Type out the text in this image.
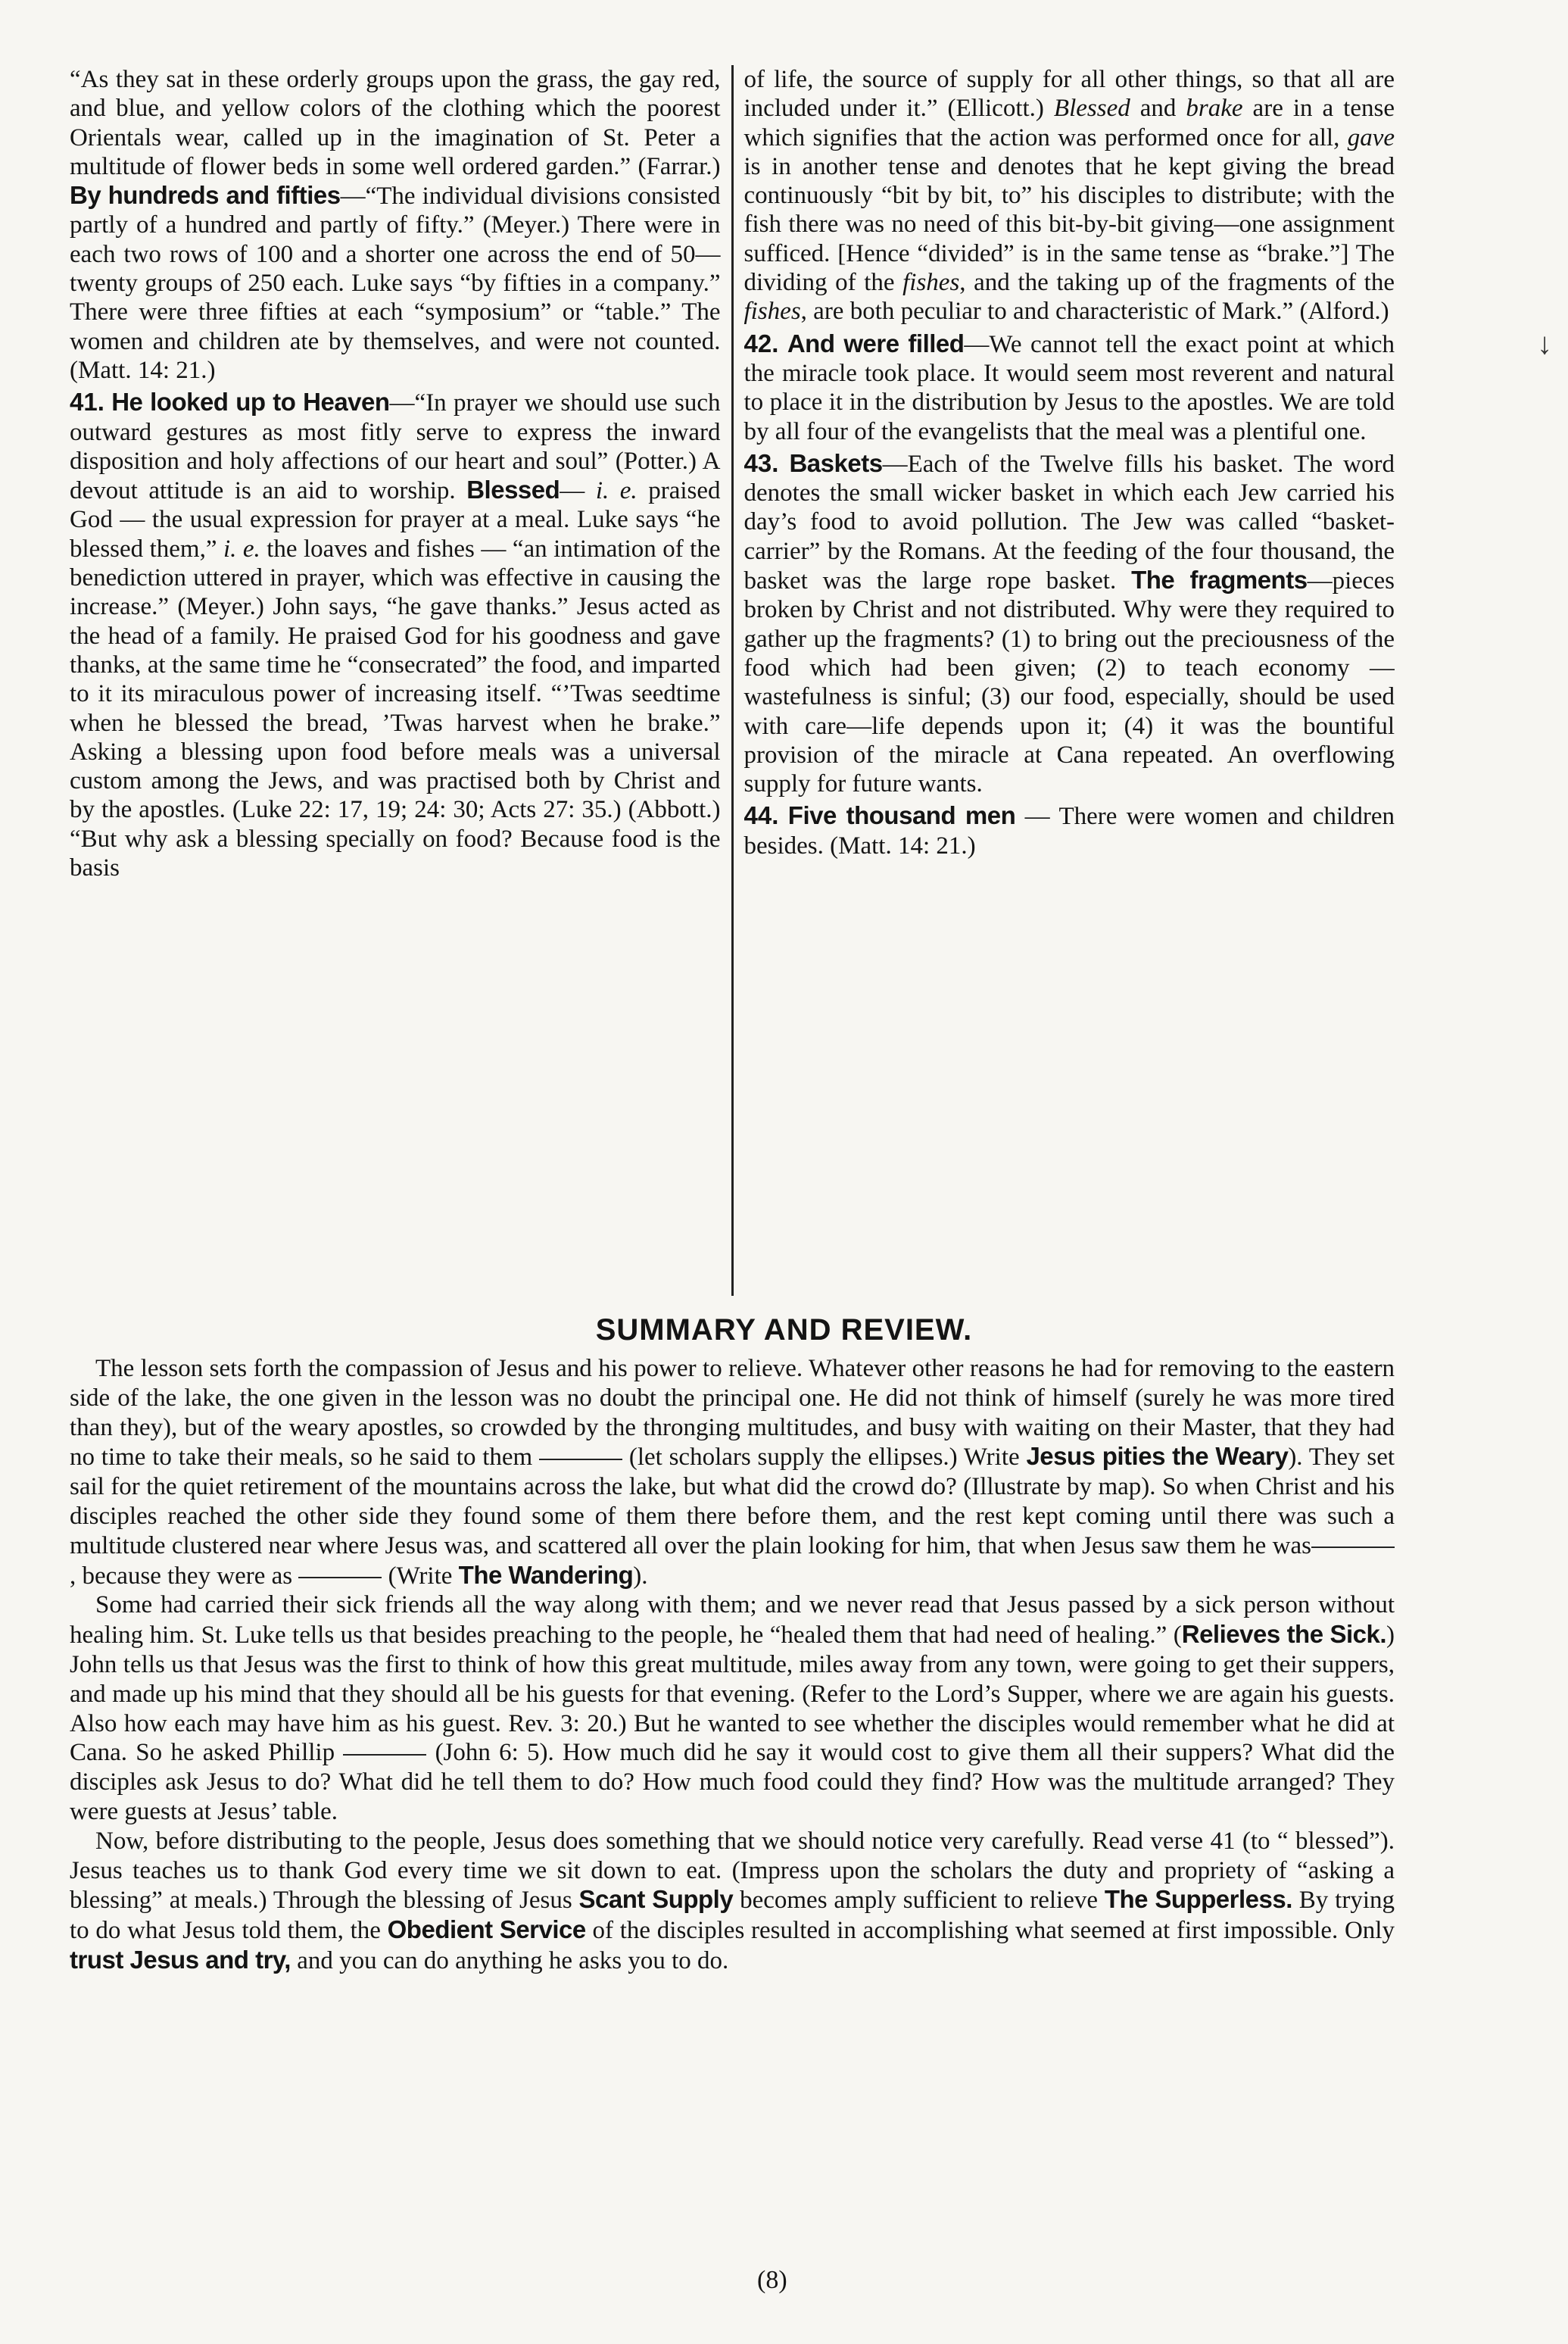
“As they sat in these orderly groups upon the grass, the gay red, and blue, and yellow colors of the clothing which the poorest Orientals wear, called up in the imagination of St. Peter a multitude of flower beds in some well ordered garden.” (Farrar.) By hundreds and fifties—“The individual divisions consisted partly of a hundred and partly of fifty.” (Meyer.) There were in each two rows of 100 and a shorter one across the end of 50—twenty groups of 250 each. Luke says “by fifties in a company.” There were three fifties at each “symposium” or “table.” The women and children ate by themselves, and were not counted. (Matt. 14: 21.)

41. He looked up to Heaven—“In prayer we should use such outward gestures as most fitly serve to express the inward disposition and holy affections of our heart and soul” (Potter.) A devout attitude is an aid to worship. Blessed— i. e. praised God — the usual expression for prayer at a meal. Luke says “he blessed them,” i. e. the loaves and fishes — “an intimation of the benediction uttered in prayer, which was effective in causing the increase.” (Meyer.) John says, “he gave thanks.” Jesus acted as the head of a family. He praised God for his goodness and gave thanks, at the same time he “consecrated” the food, and imparted to it its miraculous power of increasing itself. “’Twas seedtime when he blessed the bread, ’Twas harvest when he brake.” Asking a blessing upon food before meals was a universal custom among the Jews, and was practised both by Christ and by the apostles. (Luke 22: 17, 19; 24: 30; Acts 27: 35.) (Abbott.) “But why ask a blessing specially on food? Because food is the basis

of life, the source of supply for all other things, so that all are included under it.” (Ellicott.) Blessed and brake are in a tense which signifies that the action was performed once for all, gave is in another tense and denotes that he kept giving the bread continuously “bit by bit, to” his disciples to distribute; with the fish there was no need of this bit-by-bit giving—one assignment sufficed. [Hence “divided” is in the same tense as “brake.”] The dividing of the fishes, and the taking up of the fragments of the fishes, are both peculiar to and characteristic of Mark.” (Alford.)

42. And were filled—We cannot tell the exact point at which the miracle took place. It would seem most reverent and natural to place it in the distribution by Jesus to the apostles. We are told by all four of the evangelists that the meal was a plentiful one.

43. Baskets—Each of the Twelve fills his basket. The word denotes the small wicker basket in which each Jew carried his day’s food to avoid pollution. The Jew was called “basket-carrier” by the Romans. At the feeding of the four thousand, the basket was the large rope basket. The fragments—pieces broken by Christ and not distributed. Why were they required to gather up the fragments? (1) to bring out the preciousness of the food which had been given; (2) to teach economy —wastefulness is sinful; (3) our food, especially, should be used with care—life depends upon it; (4) it was the bountiful provision of the miracle at Cana repeated. An overflowing supply for future wants.

44. Five thousand men — There were women and children besides. (Matt. 14: 21.)

SUMMARY AND REVIEW.

The lesson sets forth the compassion of Jesus and his power to relieve. Whatever other reasons he had for removing to the eastern side of the lake, the one given in the lesson was no doubt the principal one. He did not think of himself (surely he was more tired than they), but of the weary apostles, so crowded by the thronging multitudes, and busy with waiting on their Master, that they had no time to take their meals, so he said to them	(let scholars supply the ellipses.) Write Jesus pities the Weary). They set sail for the quiet retirement of the mountains across the lake, but what did the crowd do? (Illustrate by map). So when Christ and his disciples reached the other side they found some of them there before them, and the rest kept coming until there was such a multitude clustered near where Jesus was, and scattered all over the plain looking for him, that when Jesus saw them he was, because they were as	(Write The Wandering).

Some had carried their sick friends all the way along with them; and we never read that Jesus passed by a sick person without healing him. St. Luke tells us that besides preaching to the people, he “healed them that had need of healing.” (Relieves the Sick.) John tells us that Jesus was the first to think of how this great multitude, miles away from any town, were going to get their suppers, and made up his mind that they should all be his guests for that evening. (Refer to the Lord’s Supper, where we are again his guests. Also how each may have him as his guest. Rev. 3: 20.) But he wanted to see whether the disciples would remember what he did at Cana. So he asked Phillip	(John 6: 5). How much did he say it would cost to give them all their suppers? What did the disciples ask Jesus to do? What did he tell them to do? How much food could they find? How was the multitude arranged? They were guests at Jesus’ table.

Now, before distributing to the people, Jesus does something that we should notice very carefully. Read verse 41 (to “ blessed”). Jesus teaches us to thank God every time we sit down to eat. (Impress upon the scholars the duty and propriety of “asking a blessing” at meals.) Through the blessing of Jesus Scant Supply becomes amply sufficient to relieve The Supperless. By trying to do what Jesus told them, the Obedient Service of the disciples resulted in accomplishing what seemed at first impossible. Only trust Jesus and try, and you can do anything he asks you to do.

(8)
↓
